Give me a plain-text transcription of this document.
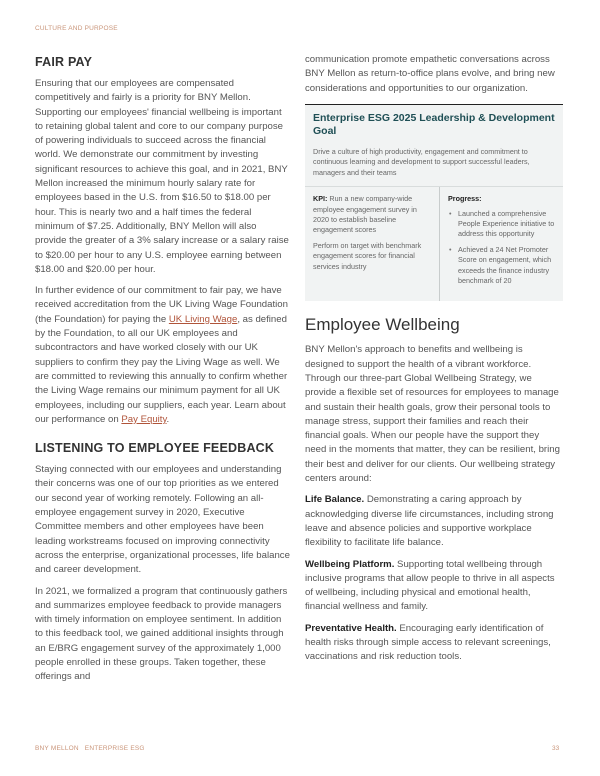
CULTURE AND PURPOSE
FAIR PAY

Ensuring that our employees are compensated competitively and fairly is a priority for BNY Mellon. Supporting our employees' financial wellbeing is important to retaining global talent and core to our company purpose of powering individuals to succeed across the financial world. We demonstrate our commitment by investing significant resources to achieve this goal, and in 2021, BNY Mellon increased the minimum hourly salary rate for employees based in the U.S. from $16.50 to $18.00 per hour. This is nearly two and a half times the federal minimum of $7.25. Additionally, BNY Mellon will also provide the greater of a 3% salary increase or a salary raise to $20.00 per hour to any U.S. employee earning between $18.00 and $20.00 per hour.

In further evidence of our commitment to fair pay, we have received accreditation from the UK Living Wage Foundation (the Foundation) for paying the UK Living Wage, as defined by the Foundation, to all our UK employees and subcontractors and have worked closely with our UK suppliers to confirm they pay the Living Wage as well. We are committed to reviewing this annually to confirm whether the Living Wage remains our minimum payment for all UK employees, including our suppliers, each year. Learn about our performance on Pay Equity.

LISTENING TO EMPLOYEE FEEDBACK

Staying connected with our employees and understanding their concerns was one of our top priorities as we entered our second year of working remotely. Following an all-employee engagement survey in 2020, Executive Committee members and other employees have been leading workstreams focused on improving connectivity across the enterprise, organizational processes, life balance and career development.

In 2021, we formalized a program that continuously gathers and summarizes employee feedback to provide managers with timely information on employee sentiment. In addition to this feedback tool, we gained additional insights through an E/BRG engagement survey of the approximately 1,000 people enrolled in these groups. Taken together, these offerings and

communication promote empathetic conversations across BNY Mellon as return-to-office plans evolve, and bring new considerations and opportunities to our organization.

Enterprise ESG 2025 Leadership & Development Goal
Drive a culture of high productivity, engagement and commitment to continuous learning and development to support successful leaders, managers and their teams

KPI: Run a new company-wide employee engagement survey in 2020 to establish baseline engagement scores

Perform on target with benchmark engagement scores for financial services industry

Progress:
• Launched a comprehensive People Experience initiative to address this opportunity
• Achieved a 24 Net Promoter Score on engagement, which exceeds the finance industry benchmark of 20
Employee Wellbeing

BNY Mellon's approach to benefits and wellbeing is designed to support the health of a vibrant workforce. Through our three-part Global Wellbeing Strategy, we provide a flexible set of resources for employees to manage and sustain their health goals, grow their personal tools to manage stress, support their families and reach their financial goals. When our people have the support they need in the moments that matter, they can be resilient, bring their best and deliver for our clients. Our wellbeing strategy centers around:

Life Balance. Demonstrating a caring approach by acknowledging diverse life circumstances, including strong leave and absence policies and supportive workplace flexibility to facilitate life balance.

Wellbeing Platform. Supporting total wellbeing through inclusive programs that allow people to thrive in all aspects of wellbeing, including physical and emotional health, financial wellness and family.

Preventative Health. Encouraging early identification of health risks through simple access to relevant screenings, vaccinations and risk reduction tools.

BNY MELLON   ENTERPRISE ESG	33
